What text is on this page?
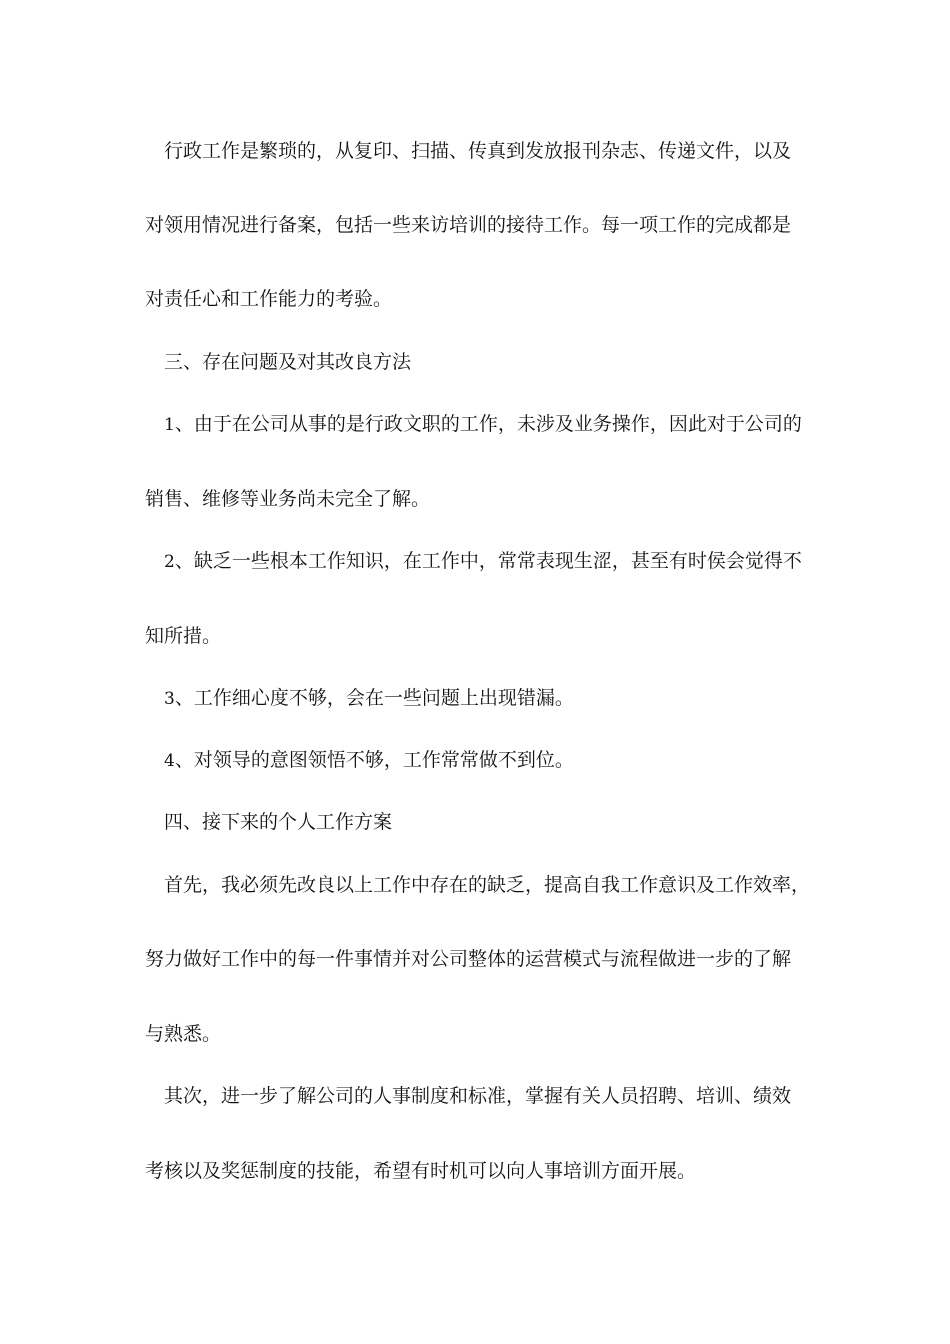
行政工作是繁琐的，从复印、扫描、传真到发放报刊杂志、传递文件，以及
对领用情况进行备案，包括一些来访培训的接待工作。每一项工作的完成都是
对责任心和工作能力的考验。
三、存在问题及对其改良方法
1、由于在公司从事的是行政文职的工作，未涉及业务操作，因此对于公司的
销售、维修等业务尚未完全了解。
2、缺乏一些根本工作知识，在工作中，常常表现生涩，甚至有时侯会觉得不
知所措。
3、工作细心度不够，会在一些问题上出现错漏。
4、对领导的意图领悟不够，工作常常做不到位。
四、接下来的个人工作方案
首先，我必须先改良以上工作中存在的缺乏，提高自我工作意识及工作效率，
努力做好工作中的每一件事情并对公司整体的运营模式与流程做进一步的了解
与熟悉。
其次，进一步了解公司的人事制度和标准，掌握有关人员招聘、培训、绩效
考核以及奖惩制度的技能，希望有时机可以向人事培训方面开展。
